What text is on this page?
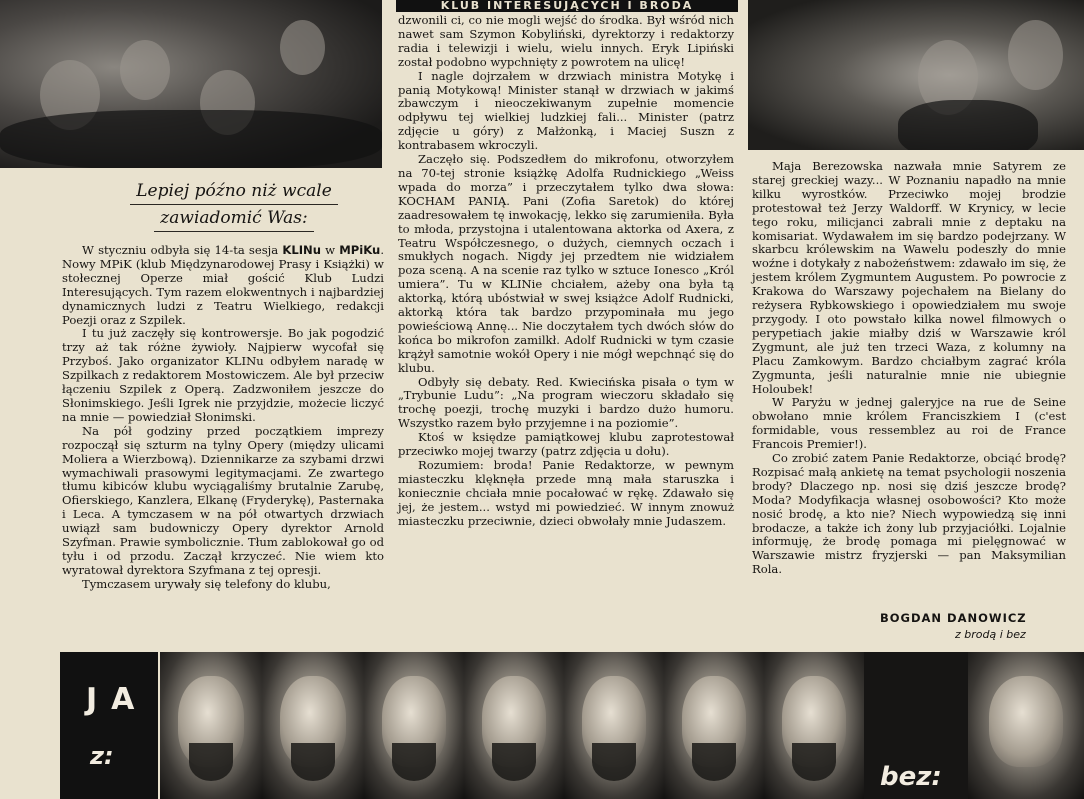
KLUB INTERESUJĄCYCH I BRODA
Lepiej późno niż wcale
zawiadomić Was:

W styczniu odbyła się 14-ta sesja KLINu w MPiKu. Nowy MPiK (klub Międzynarodowej Prasy i Książki) w stołecznej Operze miał gościć Klub Ludzi Interesujących. Tym razem elokwentnych i najbardziej dynamicznych ludzi z Teatru Wielkiego, redakcji Poezji oraz z Szpilek.

I tu już zaczęły się kontrowersje. Bo jak pogodzić trzy aż tak różne żywioły. Najpierw wycofał się Przyboś. Jako organizator KLINu odbyłem naradę w Szpilkach z redaktorem Mostowiczem. Ale był przeciw łączeniu Szpilek z Operą. Zadzwoniłem jeszcze do Słonimskiego. Jeśli Igrek nie przyjdzie, możecie liczyć na mnie — powiedział Słonimski.

Na pół godziny przed początkiem imprezy rozpoczął się szturm na tylny Opery (między ulicami Moliera a Wierzbową). Dziennikarze za szybami drzwi wymachiwali prasowymi legitymacjami. Ze zwartego tłumu kibiców klubu wyciągaliśmy brutalnie Zarubę, Ofierskiego, Kanzlera, Elkanę (Fryderykę), Pasternaka i Leca. A tymczasem w na pół otwartych drzwiach uwiązł sam budowniczy Opery dyrektor Arnold Szyfman. Prawie symbolicznie. Tłum zablokował go od tyłu i od przodu. Zaczął krzyczeć. Nie wiem kto wyratował dyrektora Szyfmana z tej opresji.

Tymczasem urywały się telefony do klubu,

dzwonili ci, co nie mogli wejść do środka. Był wśród nich nawet sam Szymon Kobyliński, dyrektorzy i redaktorzy radia i telewizji i wielu, wielu innych. Eryk Lipiński został podobno wypchnięty z powrotem na ulicę!

I nagle dojrzałem w drzwiach ministra Motykę i panią Motykową! Minister stanął w drzwiach w jakimś zbawczym i nieoczekiwanym zupełnie momencie odpływu tej wielkiej ludzkiej fali... Minister (patrz zdjęcie u góry) z Małżonką, i Maciej Suszn z kontrabasem wkroczyli.

Zaczęło się. Podszedłem do mikrofonu, otworzyłem na 70-tej stronie książkę Adolfa Rudnickiego „Weiss wpada do morza” i przeczytałem tylko dwa słowa: KOCHAM PANIĄ. Pani (Zofia Saretok) do której zaadresowałem tę inwokację, lekko się zarumieniła. Była to młoda, przystojna i utalentowana aktorka od Axera, z Teatru Współczesnego, o dużych, ciemnych oczach i smukłych nogach. Nigdy jej przedtem nie widziałem poza sceną. A na scenie raz tylko w sztuce Ionesco „Król umiera”. Tu w KLINie chciałem, ażeby ona była tą aktorką, którą ubóstwiał w swej książce Adolf Rudnicki, aktorką która tak bardzo przypominała mu jego powieściową Annę... Nie doczytałem tych dwóch słów do końca bo mikrofon zamilkł. Adolf Rudnicki w tym czasie krążył samotnie wokół Opery i nie mógł wepchnąć się do klubu.

Odbyły się debaty. Red. Kwiecińska pisała o tym w „Trybunie Ludu”: „Na program wieczoru składało się trochę poezji, trochę muzyki i bardzo dużo humoru. Wszystko razem było przyjemne i na poziomie”.

Ktoś w księdze pamiątkowej klubu zaprotestował przeciwko mojej twarzy (patrz zdjęcia u dołu).

Rozumiem: broda! Panie Redaktorze, w pewnym miasteczku klęknęła przede mną mała staruszka i koniecznie chciała mnie pocałować w rękę. Zdawało się jej, że jestem... wstyd mi powiedzieć. W innym znowuż miasteczku przeciwnie, dzieci obwołały mnie Judaszem.

Maja Berezowska nazwała mnie Satyrem ze starej greckiej wazy... W Poznaniu napadło na mnie kilku wyrostków. Przeciwko mojej brodzie protestował też Jerzy Waldorff. W Krynicy, w lecie tego roku, milicjanci zabrali mnie z deptaku na komisariat. Wydawałem im się bardzo podejrzany. W skarbcu królewskim na Wawelu podeszły do mnie woźne i dotykały z nabożeństwem: zdawało im się, że jestem królem Zygmuntem Augustem. Po powrocie z Krakowa do Warszawy pojechałem na Bielany do reżysera Rybkowskiego i opowiedziałem mu swoje przygody. I oto powstało kilka nowel filmowych o perypetiach jakie miałby dziś w Warszawie król Zygmunt, ale już ten trzeci Waza, z kolumny na Placu Zamkowym. Bardzo chciałbym zagrać króla Zygmunta, jeśli naturalnie mnie nie ubiegnie Holoubek!

W Paryżu w jednej galeryjce na rue de Seine obwołano mnie królem Franciszkiem I (c'est formidable, vous ressemblez au roi de France Francois Premier!).

Co zrobić zatem Panie Redaktorze, obciąć brodę? Rozpisać małą ankietę na temat psychologii noszenia brody? Dlaczego np. nosi się dziś jeszcze brodę? Moda? Modyfikacja własnej osobowości? Kto może nosić brodę, a kto nie? Niech wypowiedzą się inni brodacze, a także ich żony lub przyjaciółki. Lojalnie informuję, że brodę pomaga mi pielęgnować w Warszawie mistrz fryzjerski — pan Maksymilian Rola.

BOGDAN DANOWICZ
z brodą i bez
JA
z:
bez:
